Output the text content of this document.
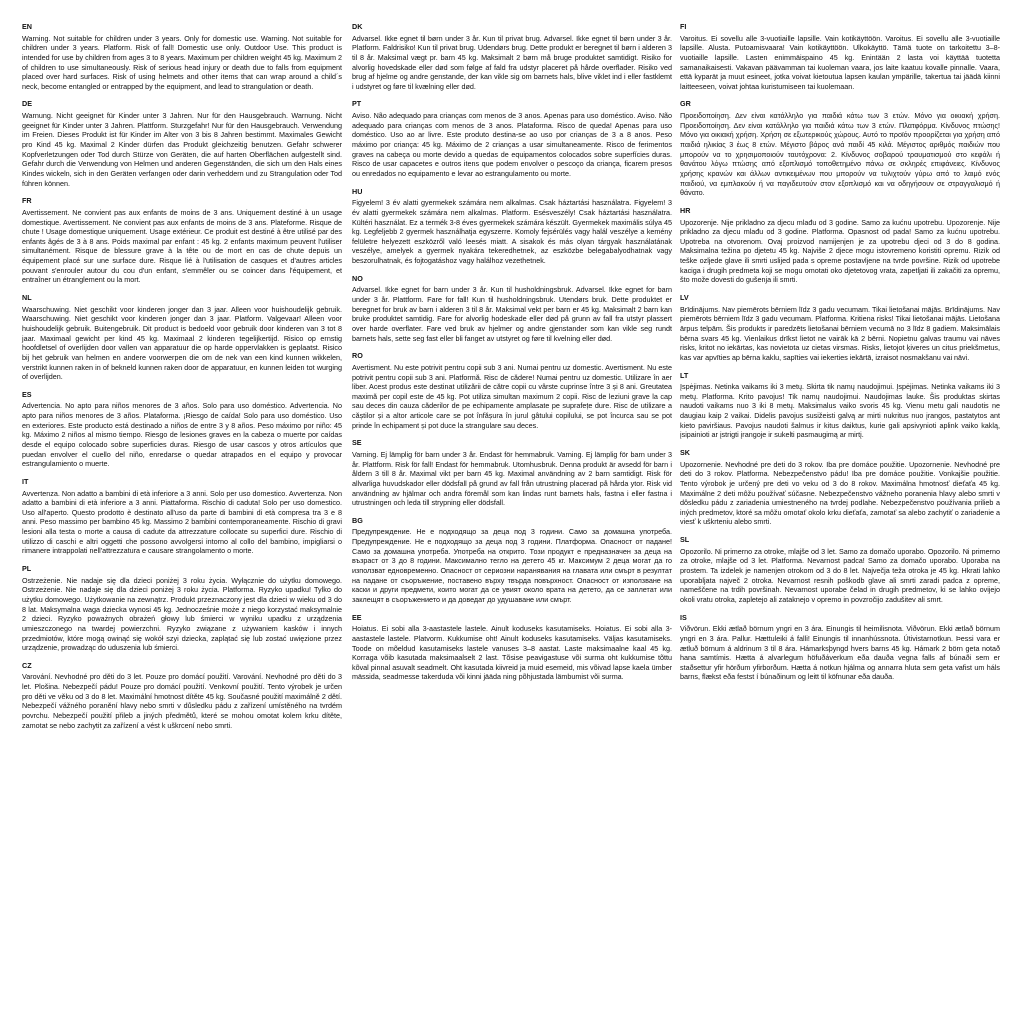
EN
Warning. Not suitable for children under 3 years. Only for domestic use. Warning. Not suitable for children under 3 years. Platform. Risk of fall! Domestic use only. Outdoor Use. This product is intended for use by children from ages 3 to 8 years. Maximum per children weight 45 kg. Maximum 2 of children to use simultaneously. Risk of serious head injury or death due to falls from equipment placed over hard surfaces. Risk of using helmets and other items that can wrap around a child´s neck, become entangled or entrapped by the equipment, and lead to strangulation or death.
DE
Warnung. Nicht geeignet für Kinder unter 3 Jahren. Nur für den Hausgebrauch. Warnung. Nicht geeignet für Kinder unter 3 Jahren. Plattform. Sturzgefahr! Nur für den Hausgebrauch. Verwendung im Freien. Dieses Produkt ist für Kinder im Alter von 3 bis 8 Jahren bestimmt. Maximales Gewicht pro Kind 45 kg. Maximal 2 Kinder dürfen das Produkt gleichzeitig benutzen. Gefahr schwerer Kopfverletzungen oder Tod durch Stürze von Geräten, die auf harten Oberflächen aufgestellt sind. Gefahr durch die Verwendung von Helmen und anderen Gegenständen, die sich um den Hals eines Kindes wickeln, sich in den Geräten verfangen oder darin verheddern und zu Strangulation oder Tod führen können.
FR
Avertissement. Ne convient pas aux enfants de moins de 3 ans. Uniquement destiné à un usage domestique. Avertissement. Ne convient pas aux enfants de moins de 3 ans. Plateforme. Risque de chute ! Usage domestique uniquement. Usage extérieur. Ce produit est destiné à être utilisé par des enfants âgés de 3 à 8 ans. Poids maximal par enfant : 45 kg. 2 enfants maximum peuvent l'utiliser simultanément. Risque de blessure grave à la tête ou de mort en cas de chute depuis un équipement placé sur une surface dure. Risque lié à l'utilisation de casques et d'autres articles pouvant s'enrouler autour du cou d'un enfant, s'emmêler ou se coincer dans l'équipement, et entraîner un étranglement ou la mort.
NL
Waarschuwing. Niet geschikt voor kinderen jonger dan 3 jaar. Alleen voor huishoudelijk gebruik. Waarschuwing. Niet geschikt voor kinderen jonger dan 3 jaar. Platform. Valgevaar! Alleen voor huishoudelijk gebruik. Buitengebruik. Dit product is bedoeld voor gebruik door kinderen van 3 tot 8 jaar. Maximaal gewicht per kind 45 kg. Maximaal 2 kinderen tegelijkertijd. Risico op ernstig hoofdletsel of overlijden door vallen van apparatuur die op harde oppervlakken is geplaatst. Risico bij het gebruik van helmen en andere voorwerpen die om de nek van een kind kunnen wikkelen, verstrikt kunnen raken in of bekneld kunnen raken door de apparatuur, en kunnen leiden tot wurging of overlijden.
ES
Advertencia. No apto para niños menores de 3 años. Solo para uso doméstico. Advertencia. No apto para niños menores de 3 años. Plataforma. ¡Riesgo de caída! Solo para uso doméstico. Uso en exteriores. Este producto está destinado a niños de entre 3 y 8 años. Peso máximo por niño: 45 kg. Máximo 2 niños al mismo tiempo. Riesgo de lesiones graves en la cabeza o muerte por caídas desde el equipo colocado sobre superficies duras. Riesgo de usar cascos y otros artículos que puedan envolver el cuello del niño, enredarse o quedar atrapados en el equipo y provocar estrangulamiento o muerte.
IT
Avvertenza. Non adatto a bambini di età inferiore a 3 anni. Solo per uso domestico. Avvertenza. Non adatto a bambini di età inferiore a 3 anni. Piattaforma. Rischio di caduta! Solo per uso domestico. Uso all'aperto. Questo prodotto è destinato all'uso da parte di bambini di età compresa tra 3 e 8 anni. Peso massimo per bambino 45 kg. Massimo 2 bambini contemporaneamente. Rischio di gravi lesioni alla testa o morte a causa di cadute da attrezzature collocate su superfici dure. Rischio di utilizzo di caschi e altri oggetti che possono avvolgersi intorno al collo del bambino, impigliarsi o rimanere intrappolati nell'attrezzatura e causare strangolamento o morte.
PL
Ostrzeżenie. Nie nadaje się dla dzieci poniżej 3 roku życia. Wyłącznie do użytku domowego. Ostrzeżenie. Nie nadaje się dla dzieci poniżej 3 roku życia. Platforma. Ryzyko upadku! Tylko do użytku domowego. Użytkowanie na zewnątrz. Produkt przeznaczony jest dla dzieci w wieku od 3 do 8 lat. Maksymalna waga dziecka wynosi 45 kg. Jednocześnie może z niego korzystać maksymalnie 2 dzieci. Ryzyko poważnych obrażeń głowy lub śmierci w wyniku upadku z urządzenia umieszczonego na twardej powierzchni. Ryzyko związane z używaniem kasków i innych przedmiotów, które mogą owinąć się wokół szyi dziecka, zaplątać się lub zostać uwięzione przez urządzenie, prowadząc do uduszenia lub śmierci.
CZ
Varování. Nevhodné pro děti do 3 let. Pouze pro domácí použití. Varování. Nevhodné pro děti do 3 let. Plošina. Nebezpečí pádu! Pouze pro domácí použití. Venkovní použití. Tento výrobek je určen pro děti ve věku od 3 do 8 let. Maximální hmotnost dítěte 45 kg. Současné použití maximálně 2 dětí. Nebezpečí vážného poranění hlavy nebo smrti v důsledku pádu z zařízení umístěného na tvrdém povrchu. Nebezpečí použití přileb a jiných předmětů, které se mohou omotat kolem krku dítěte, zamotat se nebo zachytit za zařízení a vést k uškrcení nebo smrti.
DK
Advarsel. Ikke egnet til børn under 3 år. Kun til privat brug. Advarsel. Ikke egnet til børn under 3 år. Platform. Faldrisiko! Kun til privat brug. Udendørs brug. Dette produkt er beregnet til børn i alderen 3 til 8 år. Maksimal vægt pr. barn 45 kg. Maksimalt 2 børn må bruge produktet samtidigt. Risiko for alvorlig hovedskade eller død som følge af fald fra udstyr placeret på hårde overflader. Risiko ved brug af hjelme og andre genstande, der kan vikle sig om barnets hals, blive viklet ind i eller fastklemt i udstyret og føre til kvælning eller død.
PT
Aviso. Não adequado para crianças com menos de 3 anos. Apenas para uso doméstico. Aviso. Não adequado para crianças com menos de 3 anos. Plataforma. Risco de queda! Apenas para uso doméstico. Uso ao ar livre. Este produto destina-se ao uso por crianças de 3 a 8 anos. Peso máximo por criança: 45 kg. Máximo de 2 crianças a usar simultaneamente. Risco de ferimentos graves na cabeça ou morte devido a quedas de equipamentos colocados sobre superfícies duras. Risco de usar capacetes e outros itens que podem envolver o pescoço da criança, ficarem presos ou enredados no equipamento e levar ao estrangulamento ou morte.
HU
Figyelem! 3 év alatti gyermekek számára nem alkalmas. Csak háztartási használatra. Figyelem! 3 év alatti gyermekek számára nem alkalmas. Platform. Esésveszély! Csak háztartási használatra. Kültéri használat. Ez a termék 3-8 éves gyermekek számára készült. Gyermekek maximális súlya 45 kg. Legfeljebb 2 gyermek használhatja egyszerre. Komoly fejsérülés vagy halál veszélye a kemény felületre helyezett eszközről való leesés miatt. A sisakok és más olyan tárgyak használatának veszélye, amelyek a gyermek nyakára tekeredhetnek, az eszközbe belegabalyodhatnak vagy beszorulhatnak, és fojtogatáshoz vagy halálhoz vezethetnek.
NO
Advarsel. Ikke egnet for barn under 3 år. Kun til husholdningsbruk. Advarsel. Ikke egnet for barn under 3 år. Plattform. Fare for fall! Kun til husholdningsbruk. Utendørs bruk. Dette produktet er beregnet for bruk av barn i alderen 3 til 8 år. Maksimal vekt per barn er 45 kg. Maksimalt 2 barn kan bruke produktet samtidig. Fare for alvorlig hodeskade eller død på grunn av fall fra utstyr plassert over harde overflater. Fare ved bruk av hjelmer og andre gjenstander som kan vikle seg rundt barnets hals, sette seg fast eller bli fanget av utstyret og føre til kvelning eller død.
RO
Avertisment. Nu este potrivit pentru copii sub 3 ani. Numai pentru uz domestic. Avertisment. Nu este potrivit pentru copii sub 3 ani. Platformă. Risc de cădere! Numai pentru uz domestic. Utilizare în aer liber. Acest produs este destinat utilizării de către copii cu vârste cuprinse între 3 și 8 ani. Greutatea maximă per copil este de 45 kg. Pot utiliza simultan maximum 2 copii. Risc de leziuni grave la cap sau deces din cauza căderilor de pe echipamente amplasate pe suprafețe dure. Risc de utilizare a căștilor și a altor articole care se pot înfășura în jurul gâtului copilului, se pot încurca sau se pot prinde în echipament și pot duce la strangulare sau deces.
SE
Varning. Ej lämplig för barn under 3 år. Endast för hemmabruk. Varning. Ej lämplig för barn under 3 år. Plattform. Risk för fall! Endast för hemmabruk. Utomhusbruk. Denna produkt är avsedd för barn i åldern 3 till 8 år. Maximal vikt per barn 45 kg. Maximal användning av 2 barn samtidigt. Risk för allvarliga huvudskador eller dödsfall på grund av fall från utrustning placerad på hårda ytor. Risk vid användning av hjälmar och andra föremål som kan lindas runt barnets hals, fastna i eller fastna i utrustningen och leda till strypning eller dödsfall.
BG
Предупреждение. Не е подходящо за деца под 3 години. Само за домашна употреба. Предупреждение. Не е подходящо за деца под 3 години. Платформа. Опасност от падане! Само за домашна употреба. Употреба на открито. Този продукт е предназначен за деца на възраст от 3 до 8 години. Максимално тегло на детето 45 кг. Максимум 2 деца могат да го използват едновременно. Опасност от сериозни наранявания на главата или смърт в резултат на падане от съоръжение, поставено върху твърда повърхност. Опасност от използване на каски и други предмети, които могат да се увият около врата на детето, да се заплетат или заклещят в съоръжението и да доведат до удушаване или смърт.
EE
Hoiatus. Ei sobi alla 3-aastastele lastele. Ainult koduseks kasutamiseks. Hoiatus. Ei sobi alla 3-aastastele lastele. Platvorm. Kukkumise oht! Ainult koduseks kasutamiseks. Väljas kasutamiseks. Toode on mõeldud kasutamiseks lastele vanuses 3–8 aastat. Laste maksimaalne kaal 45 kg. Korraga võib kasutada maksimaalselt 2 last. Tõsise peavigastuse või surma oht kukkumise tõttu kõval pinnal asuvalt seadmelt. Oht kasutada kiivreid ja muid esemeid, mis võivad lapse kaela ümber mässida, seadmesse takerduda või kinni jääda ning põhjustada lämbumist või surma.
FI
Varoitus. Ei sovellu alle 3-vuotiaille lapsille. Vain kotikäyttöön. Varoitus. Ei sovellu alle 3-vuotiaille lapsille. Alusta. Putoamisvaara! Vain kotikäyttöön. Ulkokäyttö. Tämä tuote on tarkoitettu 3–8-vuotiaille lapsille. Lasten enimmäispaino 45 kg. Enintään 2 lasta voi käyttää tuotetta samanaikaisesti. Vakavan päävamman tai kuoleman vaara, jos laite kaatuu kovalle pinnalle. Vaara, että kyparät ja muut esineet, jotka voivat kietoutua lapsen kaulan ympärille, takertua tai jäädä kiinni laitteeseen, voivat johtaa kuristumiseen tai kuolemaan.
GR
Προειδοποίηση. Δεν είναι κατάλληλο για παιδιά κάτω των 3 ετών. Μόνο για οικιακή χρήση. Προειδοποίηση. Δεν είναι κατάλληλο για παιδιά κάτω των 3 ετών. Πλατφόρμα. Κίνδυνος πτώσης! Μόνο για οικιακή χρήση. Χρήση σε εξωτερικούς χώρους. Αυτό το προϊόν προορίζεται για χρήση από παιδιά ηλικίας 3 έως 8 ετών. Μέγιστο βάρος ανά παιδί 45 κιλά. Μέγιστος αριθμός παιδιών που μπορούν να το χρησιμοποιούν ταυτόχρονα: 2. Κίνδυνος σοβαρού τραυματισμού στο κεφάλι ή θανάτου λόγω πτώσης από εξοπλισμό τοποθετημένο πάνω σε σκληρές επιφάνειες. Κίνδυνος χρήσης κρανών και άλλων αντικειμένων που μπορούν να τυλιχτούν γύρω από το λαιμό ενός παιδιού, να εμπλακούν ή να παγιδευτούν στον εξοπλισμό και να οδηγήσουν σε στραγγαλισμό ή θάνατο.
HR
Upozorenje. Nije prikladno za djecu mlađu od 3 godine. Samo za kućnu upotrebu. Upozorenje. Nije prikladno za djecu mlađu od 3 godine. Platforma. Opasnost od pada! Samo za kućnu upotrebu. Upotreba na otvorenom. Ovaj proizvod namijenjen je za upotrebu djeci od 3 do 8 godina. Maksimalna težina po djetetu 45 kg. Najviše 2 djece mogu istovremeno koristiti opremu. Rizik od teške ozljede glave ili smrti uslijed pada s opreme postavljene na tvrde površine. Rizik od upotrebe kaciga i drugih predmeta koji se mogu omotati oko djetetovog vrata, zapetljati ili zakačiti za opremu, što može dovesti do gušenja ili smrti.
LV
Brīdinājums. Nav piemērots bērniem līdz 3 gadu vecumam. Tikai lietošanai mājās. Brīdinājums. Nav piemērots bērniem līdz 3 gadu vecumam. Platforma. Kritiena risks! Tikai lietošanai mājās. Lietošana ārpus telpām. Šis produkts ir paredzēts lietošanai bērniem vecumā no 3 līdz 8 gadiem. Maksimālais bērna svars 45 kg. Vienlaikus drīkst lietot ne vairāk kā 2 bērni. Nopietnu galvas traumu vai nāves risks, kritot no iekārtas, kas novietota uz cietas virsmas. Risks, lietojot ķiveres un citus priekšmetus, kas var apvīties ap bērna kaklu, sapīties vai iekerties iekārtā, izraisot nosmakšanu vai nāvi.
LT
Įspėjimas. Netinka vaikams iki 3 metų. Skirta tik namų naudojimui. Įspėjimas. Netinka vaikams iki 3 metų. Platforma. Krito pavojus! Tik namų naudojimui. Naudojimas lauke. Šis produktas skirtas naudoti vaikams nuo 3 iki 8 metų. Maksimalus vaiko svoris 45 kg. Vienu metu gali naudotis ne daugiau kaip 2 vaikai. Didelis pavojus susižeisti galvą ar mirti nukritus nuo įrangos, pastatytos ant kieto paviršiaus. Pavojus naudoti šalmus ir kitus daiktus, kurie gali apsivynioti aplink vaiko kaklą, įsipainioti ar įstrigti įrangoje ir sukelti pasmaugimą ar mirtį.
SK
Upozornenie. Nevhodné pre deti do 3 rokov. Iba pre domáce použitie. Upozornenie. Nevhodné pre deti do 3 rokov. Platforma. Nebezpečenstvo pádu! Iba pre domáce použitie. Vonkajšie použitie. Tento výrobok je určený pre deti vo veku od 3 do 8 rokov. Maximálna hmotnosť dieťaťa 45 kg. Maximálne 2 deti môžu používať súčasne. Nebezpečenstvo vážneho poranenia hlavy alebo smrti v dôsledku pádu z zariadenia umiestneného na tvrdej podlahe. Nebezpečenstvo používania prilieb a iných predmetov, ktoré sa môžu omotať okolo krku dieťaťa, zamotať sa alebo zachytiť o zariadenie a viesť k uškrteniu alebo smrti.
SL
Opozorilo. Ni primerno za otroke, mlajše od 3 let. Samo za domačo uporabo. Opozorilo. Ni primerno za otroke, mlajše od 3 let. Platforma. Nevarnost padca! Samo za domačo uporabo. Uporaba na prostem. Ta izdelek je namenjen otrokom od 3 do 8 let. Največja teža otroka je 45 kg. Hkrati lahko uporabljata največ 2 otroka. Nevarnost resnih poškodb glave ali smrti zaradi padca z opreme, nameščene na trdih površinah. Nevarnost uporabe čelad in drugih predmetov, ki se lahko ovijejo okoli vratu otroka, zapletejo ali zataknejo v opremo in povzročijo zadušitev ali smrt.
IS
Viðvörun. Ekki ætlað börnum yngri en 3 ára. Einungis til heimilisnota. Viðvörun. Ekki ætlað börnum yngri en 3 ára. Pallur. Hættuleiki á falli! Einungis til innanhússnota. Útivistarnotkun. Þessi vara er ætluð börnum á aldrinum 3 til 8 ára. Hámarksþyngd hvers barns 45 kg. Hámark 2 börn geta notað hana samtímis. Hætta á alvarlegum höfuðáverkum eða dauða vegna falls af búnaði sem er staðsettur yfir hörðum yfirborðum. Hætta á notkun hjálma og annarra hluta sem geta vafist um háls barns, flækst eða festst í búnaðinum og leitt til köfnunar eða dauða.
